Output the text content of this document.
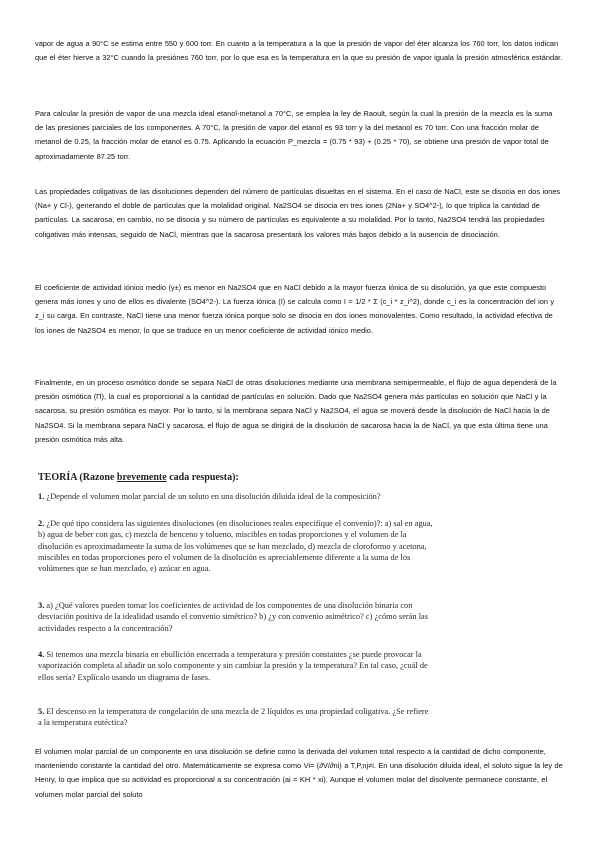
vapor de agua a 90°C se estima entre 550 y 600 torr. En cuanto a la temperatura a la que la presión de vapor del éter alcanza los 760 torr, los datos indican que el éter hierve a 32°C cuando la presiónes 760 torr, por lo que esa es la temperatura en la que su presión de vapor iguala la presión atmosférica estándar.

Para calcular la presión de vapor de una mezcla ideal etanol-metanol a 70°C, se emplea la ley de Raoult, según la cual la presión de la mezcla es la suma de las presiones parciales de los componentes. A 70°C, la presión de vapor del etanol es 93 torr y la del metanol es 70 torr. Con una fracción molar de metanol de 0.25, la fracción molar de etanol es 0.75. Aplicando la ecuación P_mezcla = (0.75 * 93) + (0.25 * 70), se obtiene una presión de vapor total de aproximadamente 87.25 torr.

Las propiedades coligativas de las disoluciones dependen del número de partículas disueltas en el sistema. En el caso de NaCl, este se disocia en dos iones (Na+ y Cl-), generando el doble de partículas que la molalidad original. Na2SO4 se disocia en tres iones (2Na+ y SO4^2-), lo que triplica la cantidad de partículas. La sacarosa, en cambio, no se disocia y su número de partículas es equivalente a su molalidad. Por lo tanto, Na2SO4 tendrá las propiedades coligativas más intensas, seguido de NaCl, mientras que la sacarosa presentará los valores más bajos debido a la ausencia de disociación.

El coeficiente de actividad iónico medio (γ±) es menor en Na2SO4 que en NaCl debido a la mayor fuerza iónica de su disolución, ya que este compuesto genera más iones y uno de ellos es divalente (SO4^2-). La fuerza iónica (I) se calcula como I = 1/2 * Σ (c_i * z_i^2), donde c_i es la concentración del ion y z_i su carga. En contraste, NaCl tiene una menor fuerza iónica porque solo se disocia en dos iones monovalentes. Como resultado, la actividad efectiva de los iones de Na2SO4 es menor, lo que se traduce en un menor coeficiente de actividad iónico medio.

Finalmente, en un proceso osmótico donde se separa NaCl de otras disoluciones mediante una membrana semipermeable, el flujo de agua dependerá de la presión osmótica (Π), la cual es proporcional a la cantidad de partículas en solución. Dado que Na2SO4 genera más partículas en solución que NaCl y la sacarosa, su presión osmótica es mayor. Por lo tanto, si la membrana separa NaCl y Na2SO4, el agua se moverá desde la disolución de NaCl hacia la de Na2SO4. Si la membrana separa NaCl y sacarosa, el flujo de agua se dirigirá de la disolución de sacarosa hacia la de NaCl, ya que esta última tiene una presión osmótica más alta.

TEORÍA (Razone brevemente cada respuesta):

1. ¿Depende el volumen molar parcial de un soluto en una disolución diluida ideal de la composición?

2. ¿De qué tipo considera las siguientes disoluciones (en disoluciones reales especifique el convenio)?: a) sal en agua, b) agua de beber con gas, c) mezcla de benceno y tolueno, miscibles en todas proporciones y el volumen de la disolución es aproximadamente la suma de los volúmenes que se han mezclado, d) mezcla de cloroformo y acetona, miscibles en todas proporciones pero el volumen de la disolución es apreciablemente diferente a la suma de los volúmenes que se han mezclado, e) azúcar en agua.

3. a) ¿Qué valores pueden tomar los coeficientes de actividad de los componentes de una disolución binaria con desviación positiva de la idealidad usando el convenio simétrico? b) ¿y con convenio asimétrico? c) ¿cómo serán las actividades respecto a la concentración?

4. Si tenemos una mezcla binaria en ebullición encerrada a temperatura y presión constantes ¿se puede provocar la vaporización completa al añadir un solo componente y sin cambiar la presión y la temperatura? En tal caso, ¿cuál de ellos sería? Explícalo usando un diagrama de fases.

5. El descenso en la temperatura de congelación de una mezcla de 2 líquidos es una propiedad coligativa. ¿Se refiere a la temperatura eutéctica?

El volumen molar parcial de un componente en una disolución se define como la derivada del volumen total respecto a la cantidad de dicho componente, manteniendo constante la cantidad del otro. Matemáticamente se expresa como Vi= (∂V/∂ni) a T,P,nj≠i. En una disolución diluida ideal, el soluto sigue la ley de Henry, lo que implica que su actividad es proporcional a su concentración (ai = KH * xi). Aunque el volumen molar del disolvente permanece constante, el volumen molar parcial del soluto
